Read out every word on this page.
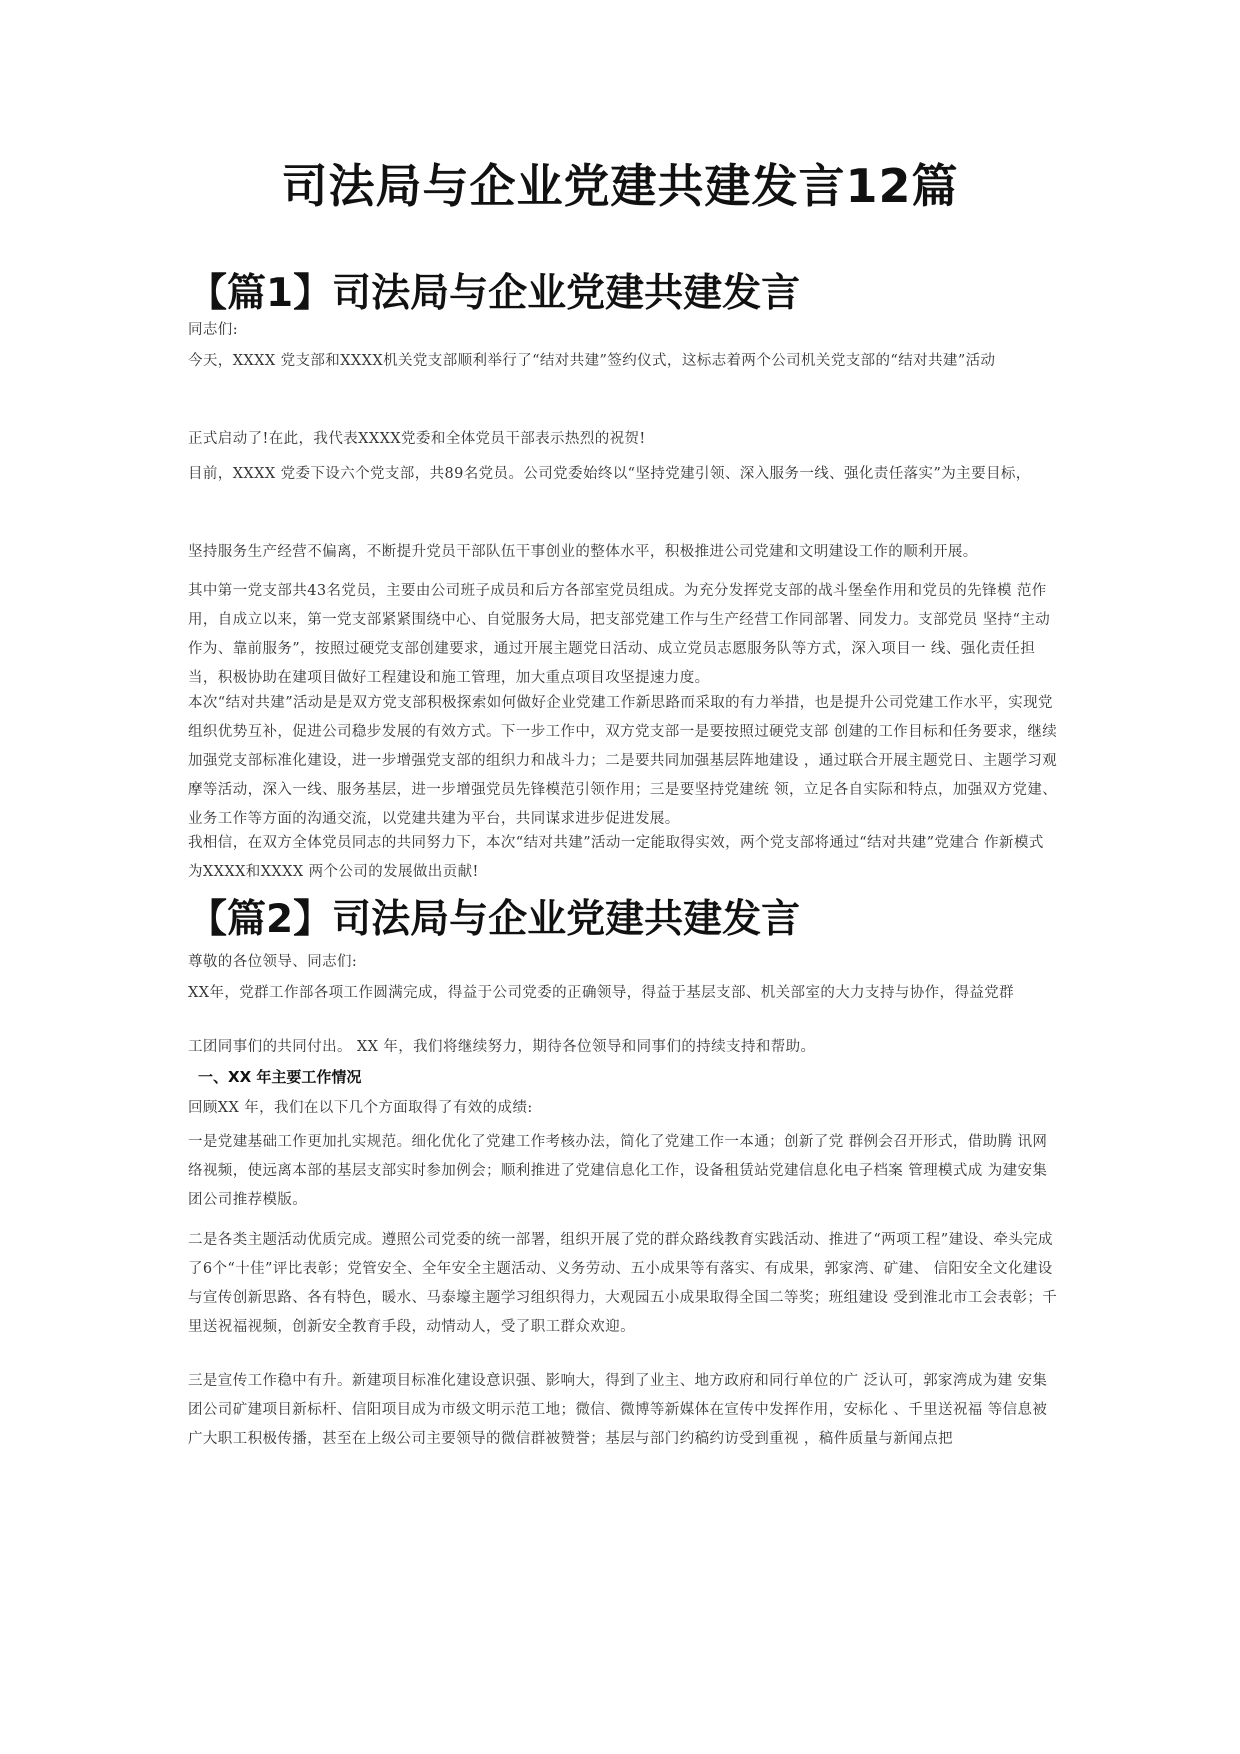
司法局与企业党建共建发言12篇
【篇1】司法局与企业党建共建发言

同志们:

今天，XXXX 党支部和XXXX机关党支部顺利举行了“结对共建”签约仪式，这标志着两个公司机关党支部的“结对共建”活动

正式启动了!在此，我代表XXXX党委和全体党员干部表示热烈的祝贺!

目前，XXXX 党委下设六个党支部，共89名党员。公司党委始终以“坚持党建引领、深入服务一线、强化责任落实”为主要目标，

坚持服务生产经营不偏离，不断提升党员干部队伍干事创业的整体水平，积极推进公司党建和文明建设工作的顺利开展。

其中第一党支部共43名党员，主要由公司班子成员和后方各部室党员组成。为充分发挥党支部的战斗堡垒作用和党员的先锋模 范作用，自成立以来，第一党支部紧紧围绕中心、自觉服务大局，把支部党建工作与生产经营工作同部署、同发力。支部党员 坚持“主动作为、靠前服务”，按照过硬党支部创建要求，通过开展主题党日活动、成立党员志愿服务队等方式，深入项目一 线、强化责任担当，积极协助在建项目做好工程建设和施工管理，加大重点项目攻坚提速力度。

本次“结对共建”活动是是双方党支部积极探索如何做好企业党建工作新思路而采取的有力举措，也是提升公司党建工作水平，实现党组织优势互补，促进公司稳步发展的有效方式。下一步工作中，双方党支部一是要按照过硬党支部 创建的工作目标和任务要求，继续加强党支部标准化建设，进一步增强党支部的组织力和战斗力；二是要共同加强基层阵地建设 ，通过联合开展主题党日、主题学习观摩等活动，深入一线、服务基层，进一步增强党员先锋模范引领作用；三是要坚持党建统 领，立足各自实际和特点，加强双方党建、业务工作等方面的沟通交流，以党建共建为平台，共同谋求进步促进发展。

我相信，在双方全体党员同志的共同努力下，本次“结对共建”活动一定能取得实效，两个党支部将通过“结对共建”党建合 作新模式为XXXX和XXXX 两个公司的发展做出贡献!

【篇2】司法局与企业党建共建发言

尊敬的各位领导、同志们:

XX年，党群工作部各项工作圆满完成，得益于公司党委的正确领导，得益于基层支部、机关部室的大力支持与协作，得益党群

工团同事们的共同付出。 XX 年，我们将继续努力，期待各位领导和同事们的持续支持和帮助。

一、XX 年主要工作情况

回顾XX 年，我们在以下几个方面取得了有效的成绩:

一是党建基础工作更加扎实规范。细化优化了党建工作考核办法，简化了党建工作一本通；创新了党 群例会召开形式，借助腾 讯网络视频，使远离本部的基层支部实时参加例会；顺利推进了党建信息化工作，设备租赁站党建信息化电子档案 管理模式成 为建安集团公司推荐模版。

二是各类主题活动优质完成。遵照公司党委的统一部署，组织开展了党的群众路线教育实践活动、推进了“两项工程”建设、牵头完成了6个“十佳”评比表彰；党管安全、全年安全主题活动、义务劳动、五小成果等有落实、有成果，郭家湾、矿建、 信阳安全文化建设与宣传创新思路、各有特色，暖水、马泰壕主题学习组织得力，大观园五小成果取得全国二等奖；班组建设 受到淮北市工会表彰；千里送祝福视频，创新安全教育手段，动情动人，受了职工群众欢迎。

三是宣传工作稳中有升。新建项目标准化建设意识强、影响大，得到了业主、地方政府和同行单位的广 泛认可，郭家湾成为建 安集团公司矿建项目新标杆、信阳项目成为市级文明示范工地；微信、微博等新媒体在宣传中发挥作用，安标化 、千里送祝福 等信息被广大职工积极传播，甚至在上级公司主要领导的微信群被赞誉；基层与部门约稿约访受到重视 ，稿件质量与新闻点把
